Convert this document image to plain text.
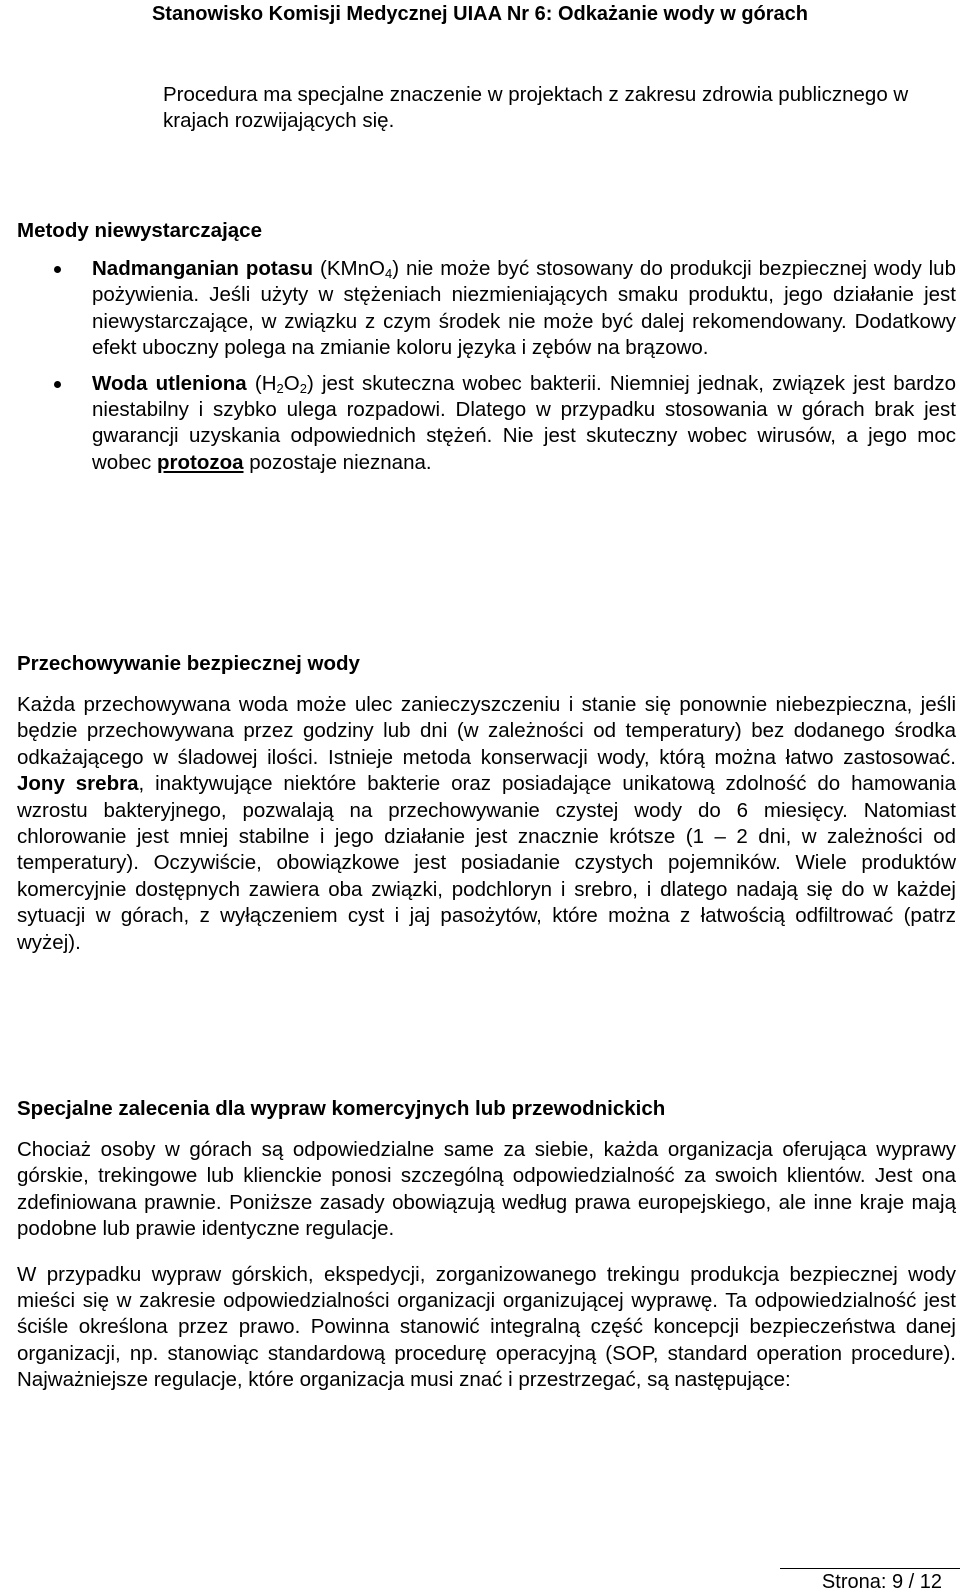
Stanowisko Komisji Medycznej UIAA Nr 6: Odkażanie wody w górach

Procedura ma specjalne znaczenie w projektach z zakresu zdrowia publicznego w krajach rozwijających się.

Metody niewystarczające
Nadmanganian potasu (KMnO$_4$) nie może być stosowany do produkcji bezpiecznej wody lub pożywienia. Jeśli użyty w stężeniach niezmieniających smaku produktu, jego działanie jest niewystarczające, w związku z czym środek nie może być dalej rekomendowany. Dodatkowy efekt uboczny polega na zmianie koloru języka i zębów na brązowo.
Woda utleniona $(H_2O_2)$ jest skuteczna wobec bakterii. Niemniej jednak, związek jest bardzo niestabilny i szybko ulega rozpadowi. Dlatego w przypadku stosowania w górach brak jest gwarancji uzyskania odpowiednich stężeń. Nie jest skuteczny wobec wirusów, a jego moc wobec protozoa pozostaje nieznana.
Przechowywanie bezpiecznej wody

Każda przechowywana woda może ulec zanieczyszczeniu i stanie się ponownie niebezpieczna, jeśli będzie przechowywana przez godziny lub dni (w zależności od temperatury) bez dodanego środka odkażającego w śladowej ilości. Istnieje metoda konserwacji wody, którą można łatwo zastosować. Jony srebra, inaktywujące niektóre bakterie oraz posiadające unikatową zdolność do hamowania wzrostu bakteryjnego, pozwalają na przechowywanie czystej wody do 6 miesięcy. Natomiast chlorowanie jest mniej stabilne i jego działanie jest znacznie krótsze (1 – 2 dni, w zależności od temperatury). Oczywiście, obowiązkowe jest posiadanie czystych pojemników. Wiele produktów komercyjnie dostępnych zawiera oba związki, podchloryn i srebro, i dlatego nadają się do w każdej sytuacji w górach, z wyłączeniem cyst i jaj pasożytów, które można z łatwością odfiltrować (patrz wyżej).

Specjalne zalecenia dla wypraw komercyjnych lub przewodnickich

Chociaż osoby w górach są odpowiedzialne same za siebie, każda organizacja oferująca wyprawy górskie, trekingowe lub klienckie ponosi szczególną odpowiedzialność za swoich klientów. Jest ona zdefiniowana prawnie. Poniższe zasady obowiązują według prawa europejskiego, ale inne kraje mają podobne lub prawie identyczne regulacje.

W przypadku wypraw górskich, ekspedycji, zorganizowanego trekingu produkcja bezpiecznej wody mieści się w zakresie odpowiedzialności organizacji organizującej wyprawę. Ta odpowiedzialność jest ściśle określona przez prawo. Powinna stanowić integralną część koncepcji bezpieczeństwa danej organizacji, np. stanowiąc standardową procedurę operacyjną (SOP, standard operation procedure). Najważniejsze regulacje, które organizacja musi znać i przestrzegać, są następujące:

Strona: 9 / 12
